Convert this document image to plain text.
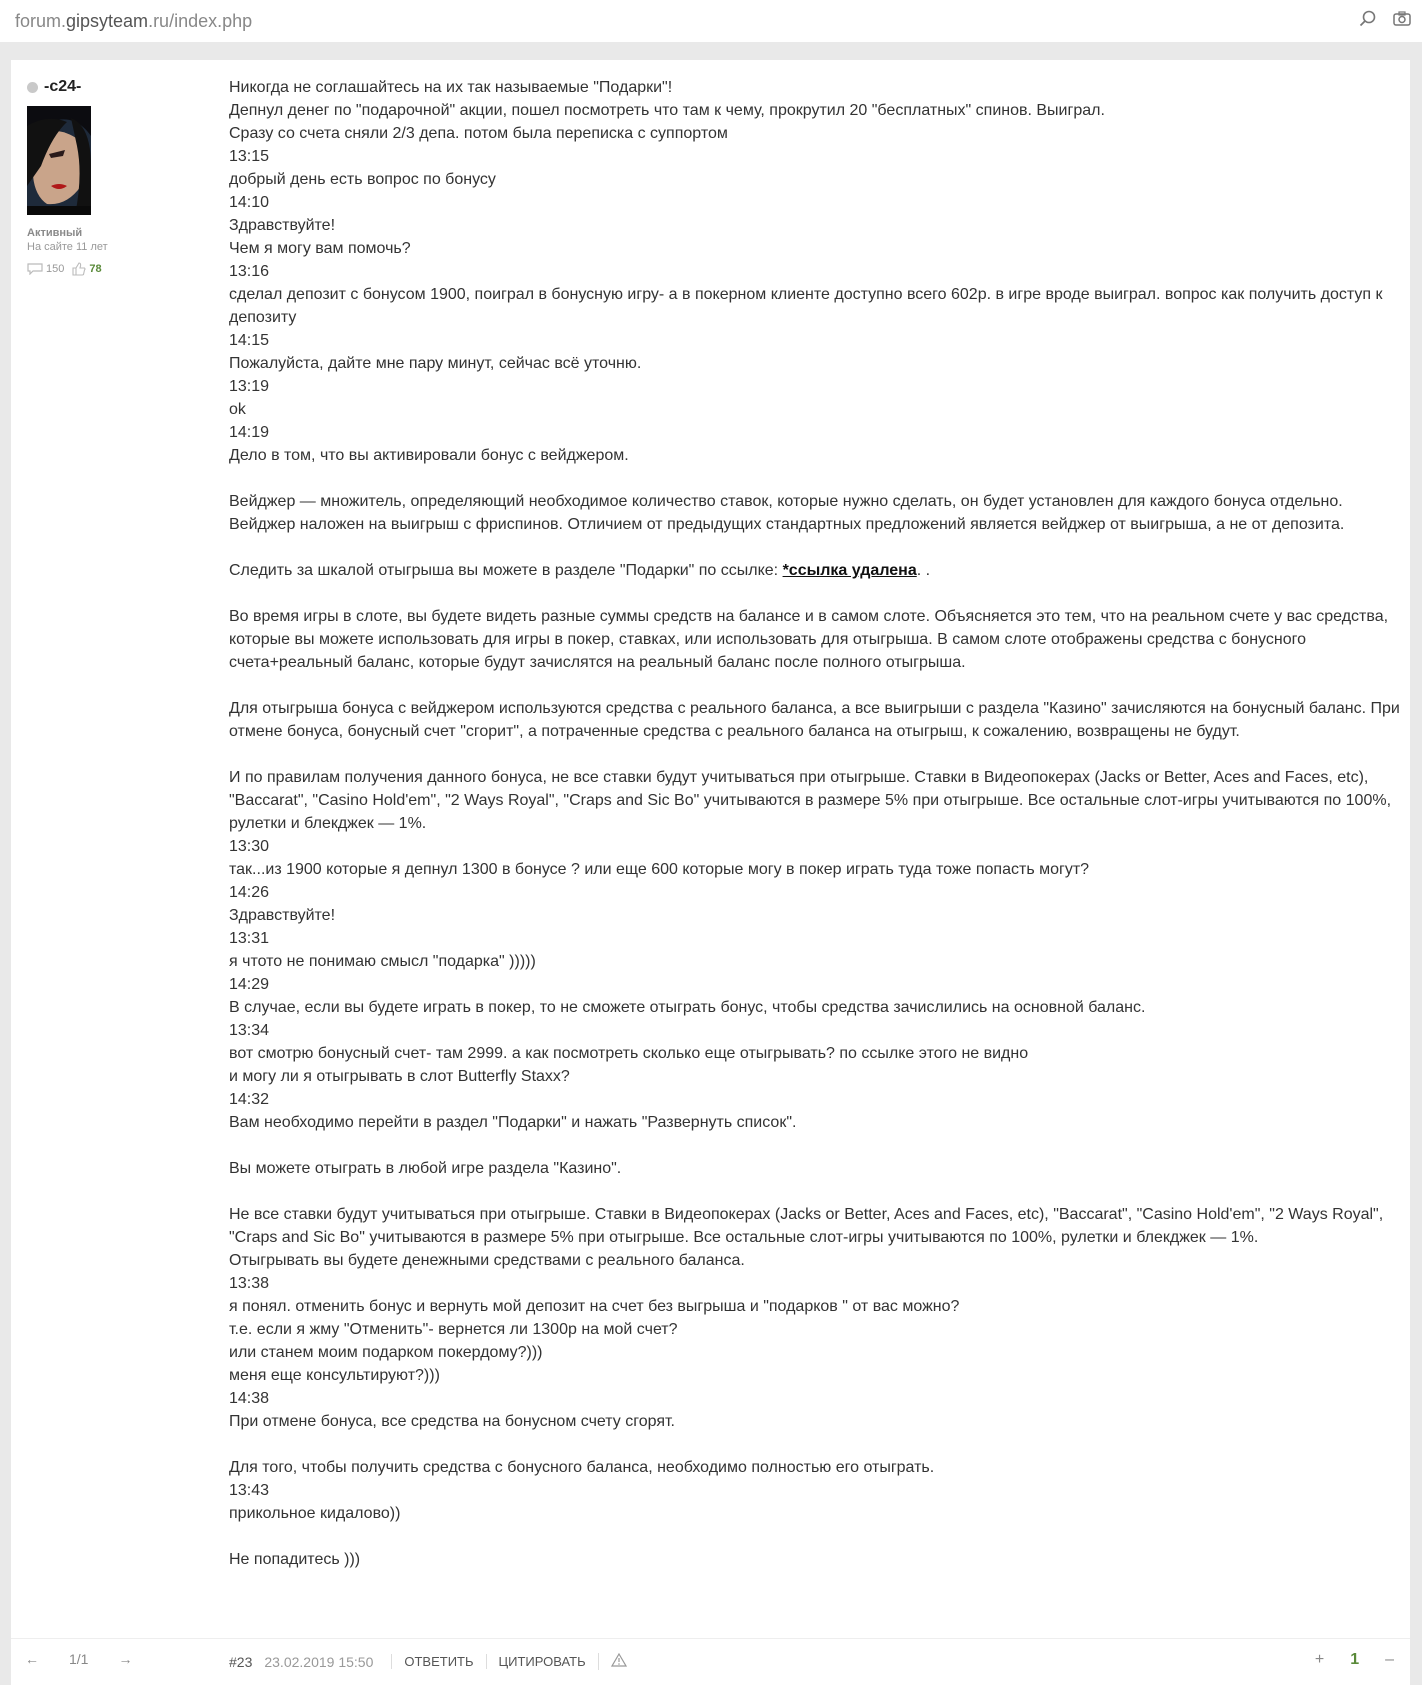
forum.gipsyteam.ru/index.php
-c24-
Активный
На сайте 11 лет
150 78

Никогда не соглашайтесь на их так называемые "Подарки"!

Депнул денег по "подарочной" акции, пошел посмотреть что там к чему, прокрутил 20 "бесплатных" спинов. Выиграл.

Сразу со счета сняли 2/3 депа. потом была переписка с суппортом

13:15

добрый день есть вопрос по бонусу

14:10

Здравствуйте!

Чем я могу вам помочь?

13:16

сделал депозит с бонусом 1900, поиграл в бонусную игру- а в покерном клиенте доступно всего 602р. в игре вроде выиграл. вопрос как получить доступ к депозиту

14:15

Пожалуйста, дайте мне пару минут, сейчас всё уточню.

13:19

ok

14:19

Дело в том, что вы активировали бонус с вейджером.

Вейджер — множитель, определяющий необходимое количество ставок, которые нужно сделать, он будет установлен для каждого бонуса отдельно. Вейджер наложен на выигрыш с фриспинов. Отличием от предыдущих стандартных предложений является вейджер от выигрыша, а не от депозита.

Следить за шкалой отыгрыша вы можете в разделе "Подарки" по ссылке: *ссылка удалена. .

Во время игры в слоте, вы будете видеть разные суммы средств на балансе и в самом слоте. Объясняется это тем, что на реальном счете у вас средства, которые вы можете использовать для игры в покер, ставках, или использовать для отыгрыша. В самом слоте отображены средства с бонусного счета+реальный баланс, которые будут зачислятся на реальный баланс после полного отыгрыша.

Для отыгрыша бонуса с вейджером используются средства с реального баланса, а все выигрыши с раздела "Казино" зачисляются на бонусный баланс. При отмене бонуса, бонусный счет "сгорит", а потраченные средства с реального баланса на отыгрыш, к сожалению, возвращены не будут.

И по правилам получения данного бонуса, не все ставки будут учитываться при отыгрыше. Ставки в Видеопокерах (Jacks or Better, Aces and Faces, etc), "Baccarat", "Casino Hold'em", "2 Ways Royal", "Craps and Sic Bo" учитываются в размере 5% при отыгрыше. Все остальные слот-игры учитываются по 100%, рулетки и блекджек — 1%.

13:30

так...из 1900 которые я депнул 1300 в бонусе ? или еще 600 которые могу в покер играть туда тоже попасть могут?

14:26

Здравствуйте!

13:31

я чтото не понимаю смысл "подарка" )))))

14:29

В случае, если вы будете играть в покер, то не сможете отыграть бонус, чтобы средства зачислились на основной баланс.

13:34

вот смотрю бонусный счет- там 2999. а как посмотреть сколько еще отыгрывать? по ссылке этого не видно

и могу ли я отыгрывать в слот Butterfly Staxx?

14:32

Вам необходимо перейти в раздел "Подарки" и нажать "Развернуть список".

Вы можете отыграть в любой игре раздела "Казино".

Не все ставки будут учитываться при отыгрыше. Ставки в Видеопокерах (Jacks or Better, Aces and Faces, etc), "Baccarat", "Casino Hold'em", "2 Ways Royal", "Craps and Sic Bo" учитываются в размере 5% при отыгрыше. Все остальные слот-игры учитываются по 100%, рулетки и блекджек — 1%.

Отыгрывать вы будете денежными средствами с реального баланса.

13:38

я понял. отменить бонус и вернуть мой депозит на счет без выгрыша и "подарков " от вас можно?

т.е. если я жму "Отменить"- вернется ли 1300р на мой счет?

или станем моим подарком покердому?)))

меня еще консультируют?)))

14:38

При отмене бонуса, все средства на бонусном счету сгорят.

Для того, чтобы получить средства с бонусного баланса, необходимо полностью его отыграть.

13:43

прикольное кидалово))

Не попадитесь )))

← 1/1 →	#23 23.02.2019 15:50	ОТВЕТИТЬ	ЦИТИРОВАТЬ	+ 1 –
